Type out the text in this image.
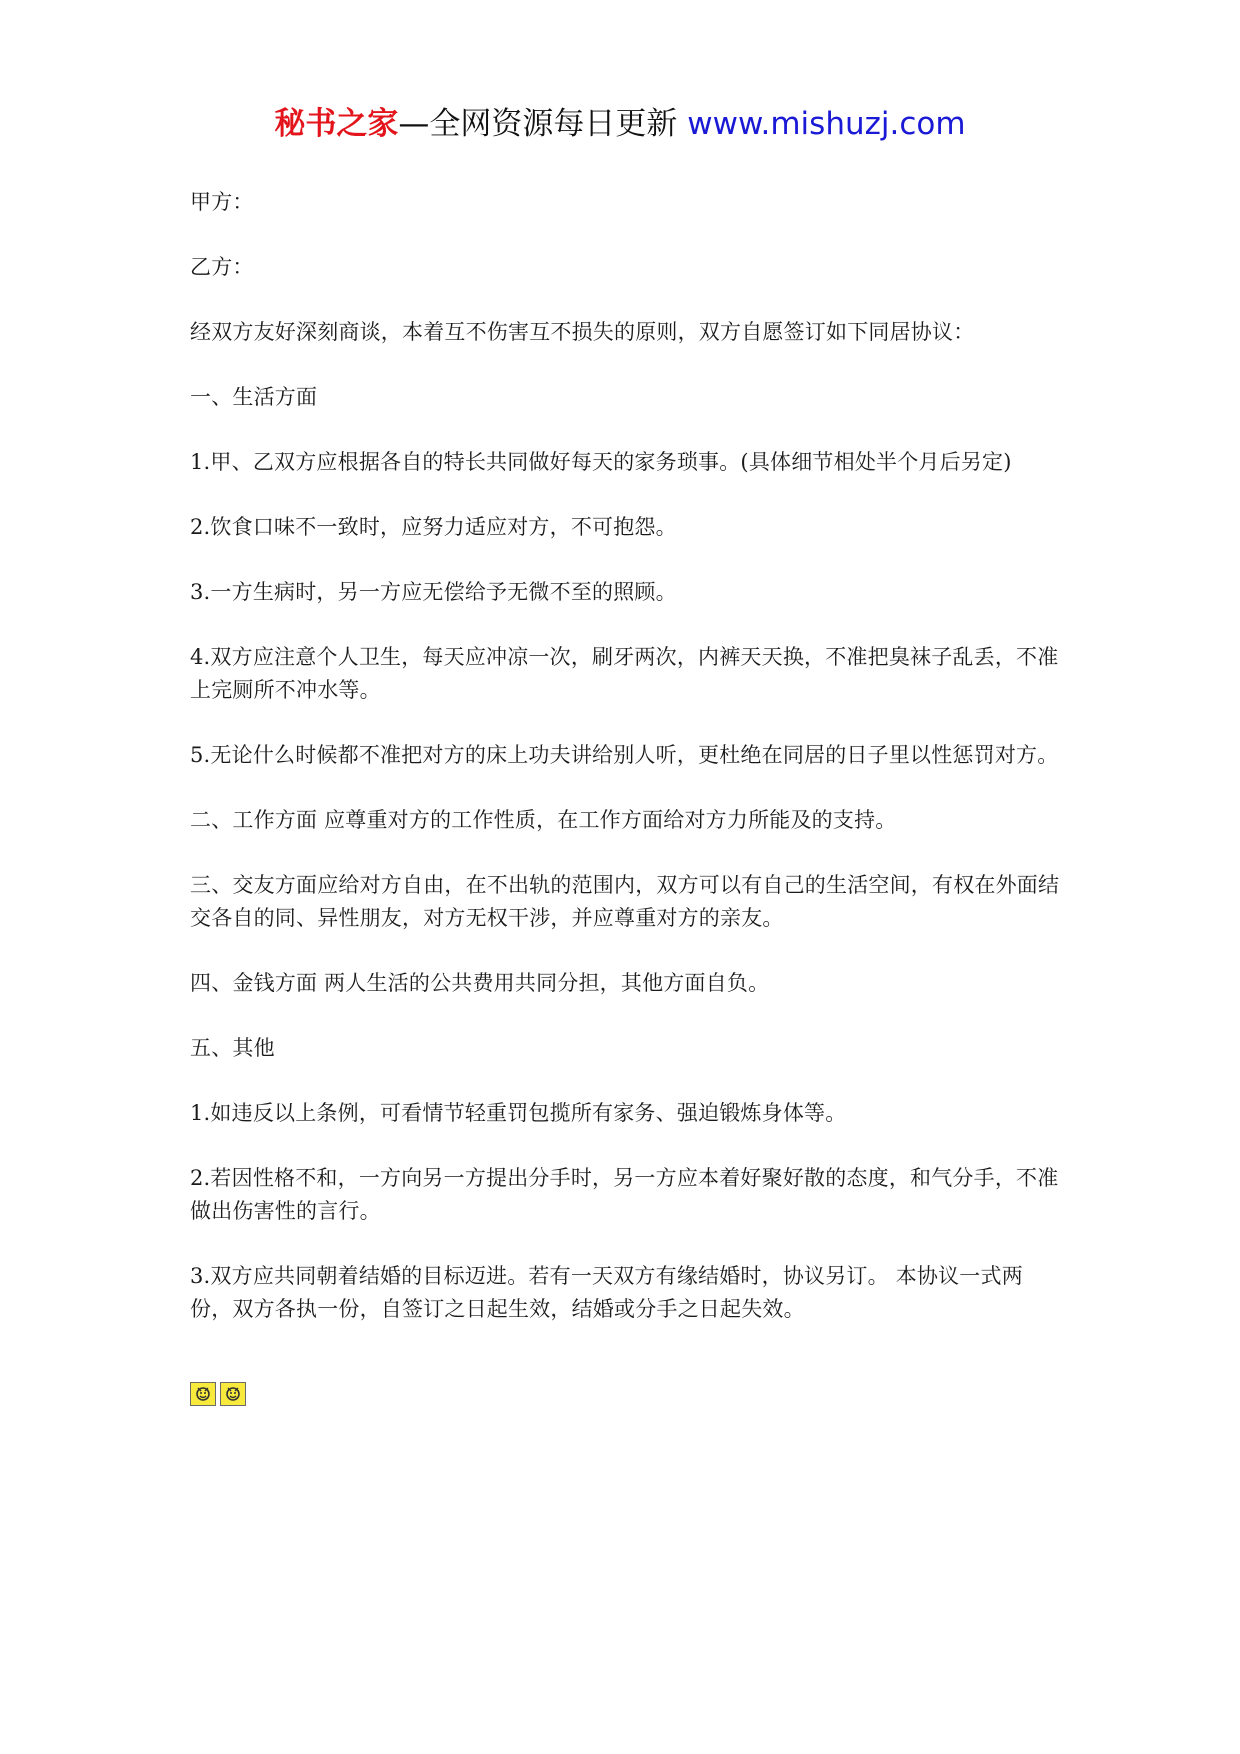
秘书之家—全网资源每日更新 www.mishuzj.com

甲方：

乙方：

经双方友好深刻商谈，本着互不伤害互不损失的原则，双方自愿签订如下同居协议：

一、生活方面

1.甲、乙双方应根据各自的特长共同做好每天的家务琐事。(具体细节相处半个月后另定)

2.饮食口味不一致时，应努力适应对方，不可抱怨。

3.一方生病时，另一方应无偿给予无微不至的照顾。

4.双方应注意个人卫生，每天应冲凉一次，刷牙两次，内裤天天换，不准把臭袜子乱丢，不准上完厕所不冲水等。

5.无论什么时候都不准把对方的床上功夫讲给别人听，更杜绝在同居的日子里以性惩罚对方。

二、工作方面 应尊重对方的工作性质，在工作方面给对方力所能及的支持。

三、交友方面应给对方自由，在不出轨的范围内，双方可以有自己的生活空间，有权在外面结交各自的同、异性朋友，对方无权干涉，并应尊重对方的亲友。

四、金钱方面 两人生活的公共费用共同分担，其他方面自负。

五、其他

1.如违反以上条例，可看情节轻重罚包揽所有家务、强迫锻炼身体等。

2.若因性格不和，一方向另一方提出分手时，另一方应本着好聚好散的态度，和气分手，不准做出伤害性的言行。

3.双方应共同朝着结婚的目标迈进。若有一天双方有缘结婚时，协议另订。 本协议一式两份，双方各执一份，自签订之日起生效，结婚或分手之日起失效。
